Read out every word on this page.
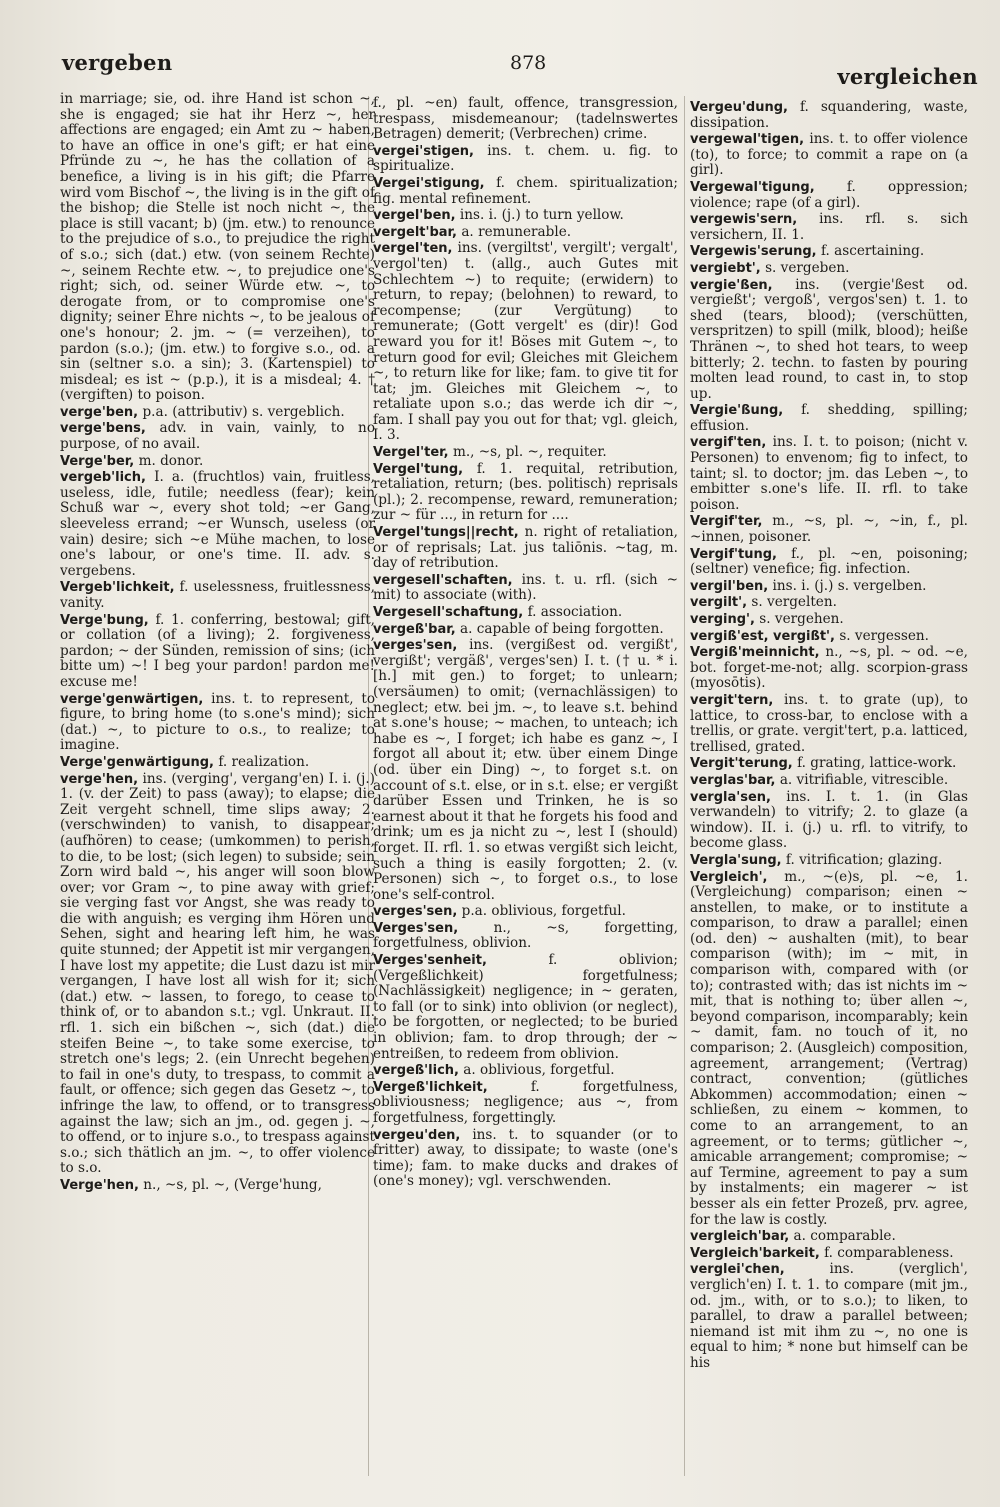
vergeben	878
vergleichen

in marriage; sie, od. ihre Hand ist schon ~, she is engaged; sie hat ihr Herz ~, her affections are engaged; ein Amt zu ~ haben, to have an office in one's gift; er hat eine Pfründe zu ~, he has the collation of a benefice, a living is in his gift; die Pfarre wird vom Bischof ~, the living is in the gift of the bishop; die Stelle ist noch nicht ~, the place is still vacant; b) (jm. etw.) to renounce to the prejudice of s.o., to prejudice the right of s.o.; sich (dat.) etw. (von seinem Rechte) ~, seinem Rechte etw. ~, to prejudice one's right; sich, od. seiner Würde etw. ~, to derogate from, or to compromise one's dignity; seiner Ehre nichts ~, to be jealous of one's honour; 2. jm. ~ (= verzeihen), to pardon (s.o.); (jm. etw.) to forgive s.o., od. a sin (seltner s.o. a sin); 3. (Kartenspiel) to misdeal; es ist ~ (p.p.), it is a misdeal; 4. † (vergiften) to poison.

verge'ben, p.a. (attributiv) s. vergeblich.

verge'bens, adv. in vain, vainly, to no purpose, of no avail.

Verge'ber, m. donor.

vergeb'lich, I. a. (fruchtlos) vain, fruitless, useless, idle, futile; needless (fear); kein Schuß war ~, every shot told; ~er Gang, sleeveless errand; ~er Wunsch, useless (or vain) desire; sich ~e Mühe machen, to lose one's labour, or one's time. II. adv. s. vergebens.

Vergeb'lichkeit, f. uselessness, fruitlessness, vanity.

Verge'bung, f. 1. conferring, bestowal; gift, or collation (of a living); 2. forgiveness, pardon; ~ der Sünden, remission of sins; (ich bitte um) ~! I beg your pardon! pardon me! excuse me!

verge'genwärtigen, ins. t. to represent, to figure, to bring home (to s.one's mind); sich (dat.) ~, to picture to o.s., to realize; to imagine.

Verge'genwärtigung, f. realization.

verge'hen, ins. (verging', vergang'en) I. i. (j.) 1. (v. der Zeit) to pass (away); to elapse; die Zeit vergeht schnell, time slips away; 2. (verschwinden) to vanish, to disappear; (aufhören) to cease; (umkommen) to perish, to die, to be lost; (sich legen) to subside; sein Zorn wird bald ~, his anger will soon blow over; vor Gram ~, to pine away with grief; sie verging fast vor Angst, she was ready to die with anguish; es verging ihm Hören und Sehen, sight and hearing left him, he was quite stunned; der Appetit ist mir vergangen, I have lost my appetite; die Lust dazu ist mir vergangen, I have lost all wish for it; sich (dat.) etw. ~ lassen, to forego, to cease to think of, or to abandon s.t.; vgl. Unkraut. II. rfl. 1. sich ein bißchen ~, sich (dat.) die steifen Beine ~, to take some exercise, to stretch one's legs; 2. (ein Unrecht begehen) to fail in one's duty, to trespass, to commit a fault, or offence; sich gegen das Gesetz ~, to infringe the law, to offend, or to transgress against the law; sich an jm., od. gegen j. ~, to offend, or to injure s.o., to trespass against s.o.; sich thätlich an jm. ~, to offer violence to s.o.

Verge'hen, n., ~s, pl. ~, (Verge'hung,

f., pl. ~en) fault, offence, transgression, trespass, misdemeanour; (tadelnswertes Betragen) demerit; (Verbrechen) crime.

vergei'stigen, ins. t. chem. u. fig. to spiritualize.

Vergei'stigung, f. chem. spiritualization; fig. mental refinement.

vergel'ben, ins. i. (j.) to turn yellow.

vergelt'bar, a. remunerable.

vergel'ten, ins. (vergiltst', vergilt'; vergalt', vergol'ten) t. (allg., auch Gutes mit Schlechtem ~) to requite; (erwidern) to return, to repay; (belohnen) to reward, to recompense; (zur Vergütung) to remunerate; (Gott vergelt' es (dir)! God reward you for it! Böses mit Gutem ~, to return good for evil; Gleiches mit Gleichem ~, to return like for like; fam. to give tit for tat; jm. Gleiches mit Gleichem ~, to retaliate upon s.o.; das werde ich dir ~, fam. I shall pay you out for that; vgl. gleich, I. 3.

Vergel'ter, m., ~s, pl. ~, requiter.

Vergel'tung, f. 1. requital, retribution, retaliation, return; (bes. politisch) reprisals (pl.); 2. recompense, reward, remuneration; zur ~ für ..., in return for ....

Vergel'tungs||recht, n. right of retaliation, or of reprisals; Lat. jus taliōnis. ~tag, m. day of retribution.

vergesell'schaften, ins. t. u. rfl. (sich ~ mit) to associate (with).

Vergesell'schaftung, f. association.

vergeß'bar, a. capable of being forgotten.

verges'sen, ins. (vergißest od. vergißt', vergißt'; vergäß', verges'sen) I. t. († u. * i. [h.] mit gen.) to forget; to unlearn; (versäumen) to omit; (vernachlässigen) to neglect; etw. bei jm. ~, to leave s.t. behind at s.one's house; ~ machen, to unteach; ich habe es ~, I forget; ich habe es ganz ~, I forgot all about it; etw. über einem Dinge (od. über ein Ding) ~, to forget s.t. on account of s.t. else, or in s.t. else; er vergißt darüber Essen und Trinken, he is so earnest about it that he forgets his food and drink; um es ja nicht zu ~, lest I (should) forget. II. rfl. 1. so etwas vergißt sich leicht, such a thing is easily forgotten; 2. (v. Personen) sich ~, to forget o.s., to lose one's self-control.

verges'sen, p.a. oblivious, forgetful.

Verges'sen,	n., ~s, forgetting, forgetfulness, oblivion.

Verges'senheit,	f. oblivion; (Vergeßlichkeit) forgetfulness; (Nachlässigkeit) negligence; in ~ geraten, to fall (or to sink) into oblivion (or neglect), to be forgotten, or neglected; to be buried in oblivion; fam. to drop through; der ~ entreißen, to redeem from oblivion.

vergeß'lich, a. oblivious, forgetful.

Vergeß'lichkeit,	f. forgetfulness, obliviousness; negligence; aus ~, from forgetfulness, forgettingly.

vergeu'den, ins. t. to squander (or to fritter) away, to dissipate; to waste (one's time); fam. to make ducks and drakes of (one's money); vgl. verschwenden.

Vergeu'dung, f. squandering, waste, dissipation.

vergewal'tigen, ins. t. to offer violence (to), to force; to commit a rape on (a girl).

Vergewal'tigung, f. oppression; violence; rape (of a girl).

vergewis'sern, ins. rfl. s. sich versichern, II. 1.

Vergewis'serung, f. ascertaining.

vergiebt', s. vergeben.

vergie'ßen, ins. (vergie'ßest od. vergießt'; vergoß', vergos'sen) t. 1. to shed (tears, blood); (verschütten, verspritzen) to spill (milk, blood); heiße Thränen ~, to shed hot tears, to weep bitterly; 2. techn. to fasten by pouring molten lead round, to cast in, to stop up.

Vergie'ßung, f. shedding, spilling; effusion.

vergif'ten, ins. I. t. to poison; (nicht v. Personen) to envenom; fig to infect, to taint; sl. to doctor; jm. das Leben ~, to embitter s.one's life. II. rfl. to take poison.

Vergif'ter, m., ~s, pl. ~, ~in, f., pl. ~innen, poisoner.

Vergif'tung, f., pl. ~en, poisoning; (seltner) venefice; fig. infection.

vergil'ben, ins. i. (j.) s. vergelben.

vergilt', s. vergelten.

verging', s. vergehen.

vergiß'est, vergißt', s. vergessen.

Vergiß'meinnicht, n., ~s, pl. ~ od. ~e, bot. forget-me-not; allg. scorpion-grass (myosōtis).

vergit'tern, ins. t. to grate (up), to lattice, to cross-bar, to enclose with a trellis, or grate. vergit'tert, p.a. latticed, trellised, grated.

Vergit'terung, f. grating, lattice-work.

verglas'bar, a. vitrifiable, vitrescible.

vergla'sen, ins. I. t. 1. (in Glas verwandeln) to vitrify; 2. to glaze (a window). II. i. (j.) u. rfl. to vitrify, to become glass.

Vergla'sung, f. vitrification; glazing.

Vergleich', m., ~(e)s, pl. ~e, 1. (Vergleichung) comparison; einen ~ anstellen, to make, or to institute a comparison, to draw a parallel; einen (od. den) ~ aushalten (mit), to bear comparison (with); im ~ mit, in comparison with, compared with (or to); contrasted with; das ist nichts im ~ mit, that is nothing to; über allen ~, beyond comparison, incomparably; kein ~ damit, fam. no touch of it, no comparison; 2. (Ausgleich) composition, agreement, arrangement; (Vertrag) contract, convention; (gütliches Abkommen) accommodation; einen ~ schließen, zu einem ~ kommen, to come to an arrangement, to an agreement, or to terms; gütlicher ~, amicable arrangement; compromise; ~ auf Termine, agreement to pay a sum by instalments; ein magerer ~ ist besser als ein fetter Prozeß, prv. agree, for the law is costly.

vergleich'bar, a. comparable.

Vergleich'barkeit, f. comparableness.

verglei'chen,	ins. (verglich', verglich'en) I. t. 1. to compare (mit jm., od. jm., with, or to s.o.); to liken, to parallel, to draw a parallel between; niemand ist mit ihm zu ~, no one is equal to him; * none but himself can be his
